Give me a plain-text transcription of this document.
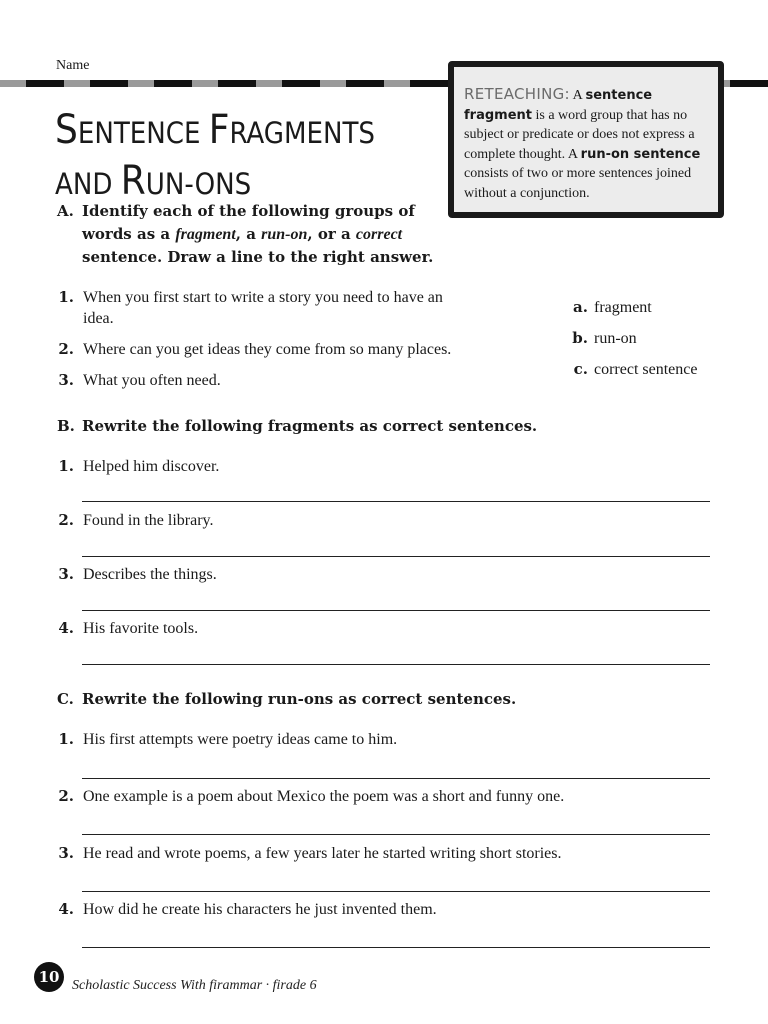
Name
SENTENCE FRAGMENTS
AND RUN-ONS
RETEACHING: A sentence fragment is a word group that has no subject or predicate or does not express a complete thought. A run-on sentence consists of two or more sentences joined without a conjunction.
A. Identify each of the following groups of
words as a fragment, a run-on, or a correct
sentence. Draw a line to the right answer.
1. When you first start to write a story you need to have an
idea.
2. Where can you get ideas they come from so many places.
3. What you often need.
a. fragment
b. run-on
c. correct sentence
B. Rewrite the following fragments as correct sentences.
1. Helped him discover.
2. Found in the library.
3. Describes the things.
4. His favorite tools.
C. Rewrite the following run-ons as correct sentences.
1. His first attempts were poetry ideas came to him.
2. One example is a poem about Mexico the poem was a short and funny one.
3. He read and wrote poems, a few years later he started writing short stories.
4. How did he create his characters he just invented them.
10 Scholastic Success With firammar · firade 6
